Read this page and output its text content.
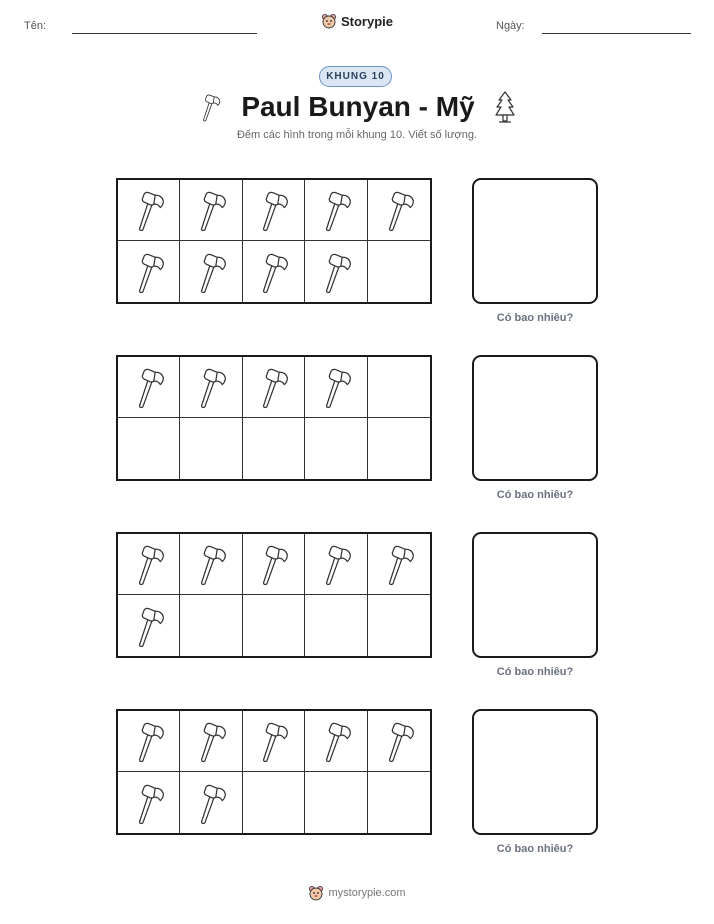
Tên:	Ngày:
Storypie
KHUNG 10
Paul Bunyan - Mỹ
Đếm các hình trong mỗi khung 10. Viết số lượng.
Có bao nhiêu?
Có bao nhiêu?
Có bao nhiêu?
Có bao nhiêu?
mystorypie.com
